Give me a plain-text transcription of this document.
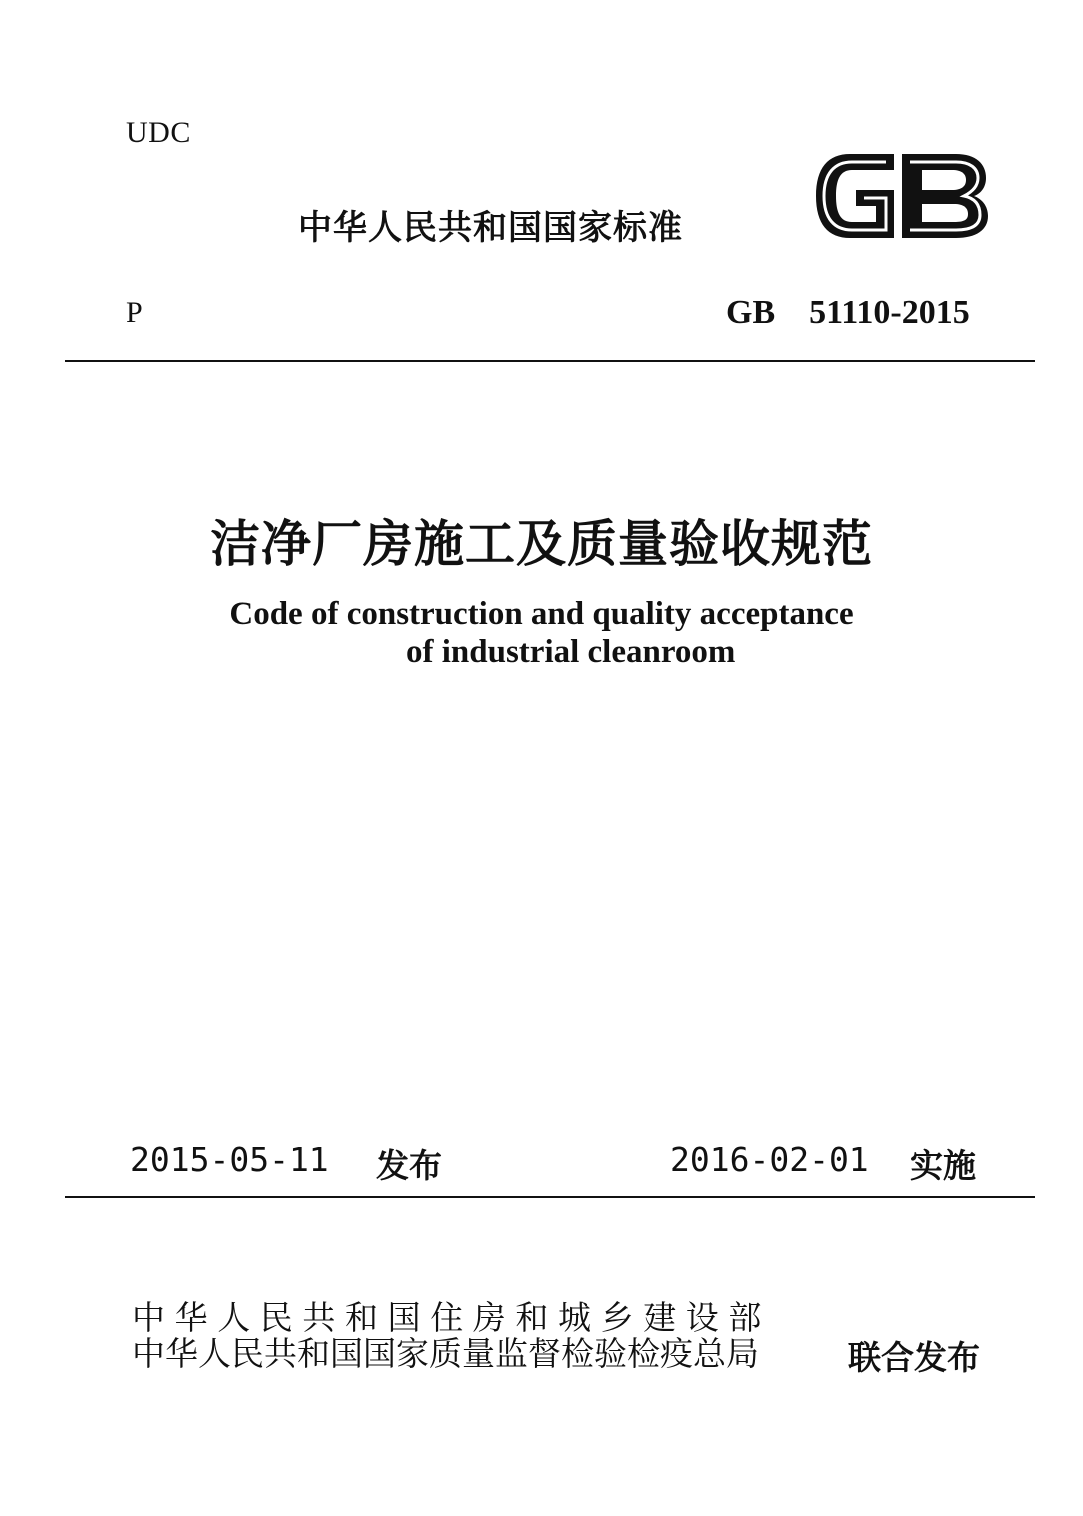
UDC
中华人民共和国国家标准
P	GB 51110-2015
洁净厂房施工及质量验收规范
Code of construction and quality acceptance
of industrial cleanroom
2015-05-11 发布	2016-02-01 实施
中华人民共和国住房和城乡建设部
中华人民共和国国家质量监督检验检疫总局	联合发布
